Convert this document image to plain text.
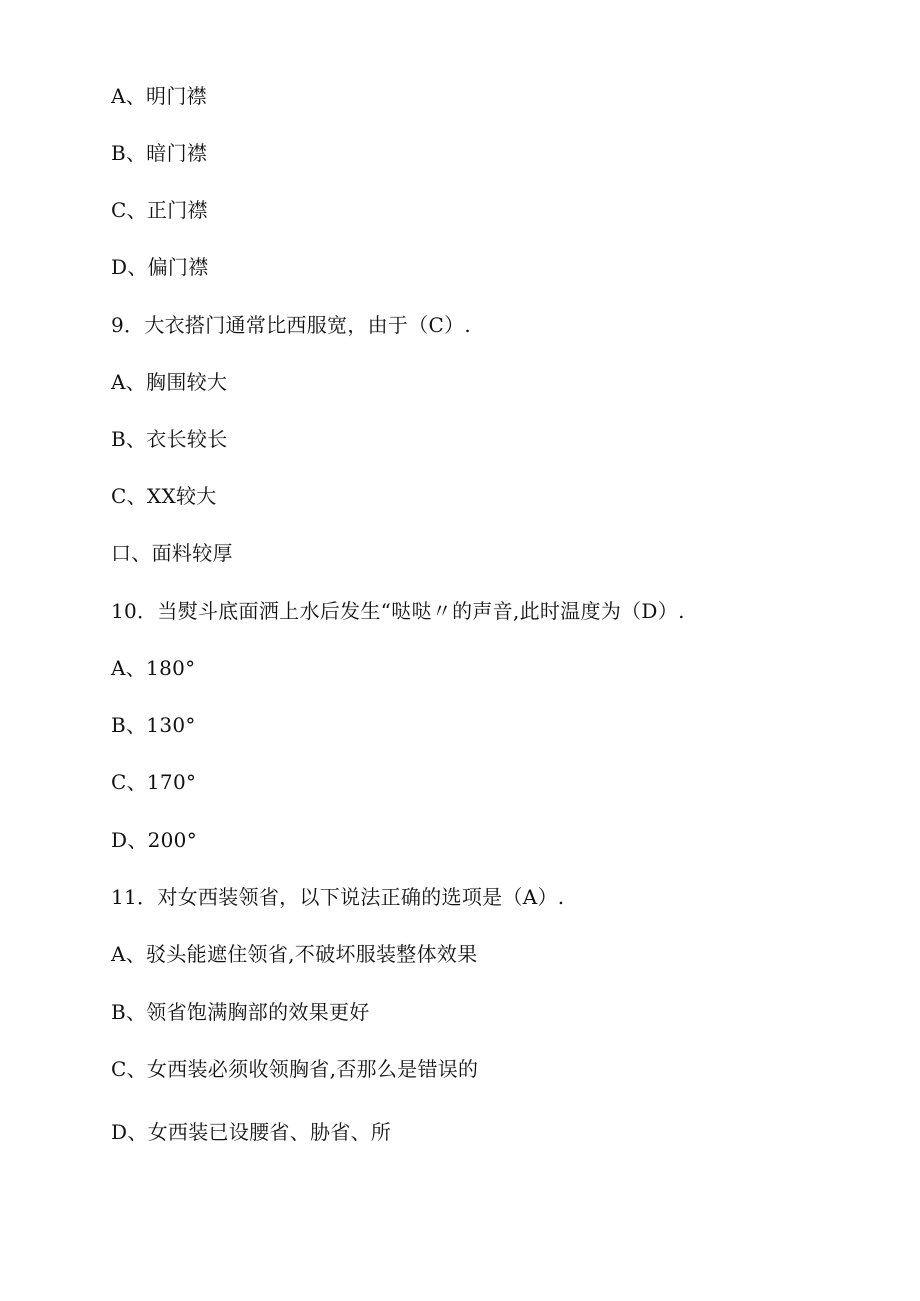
A、明门襟
B、暗门襟
C、正门襟
D、偏门襟
9．大衣搭门通常比西服宽，由于（C）.
A、胸围较大
B、衣长较长
C、XX较大
口、面料较厚
10．当熨斗底面洒上水后发生“哒哒〃的声音,此时温度为（D）.
A、180°
B、130°
C、170°
D、200°
11．对女西装领省，以下说法正确的选项是（A）.
A、驳头能遮住领省,不破坏服装整体效果
B、领省饱满胸部的效果更好
C、女西装必须收领胸省,否那么是错误的
D、女西装已设腰省、胁省、所
